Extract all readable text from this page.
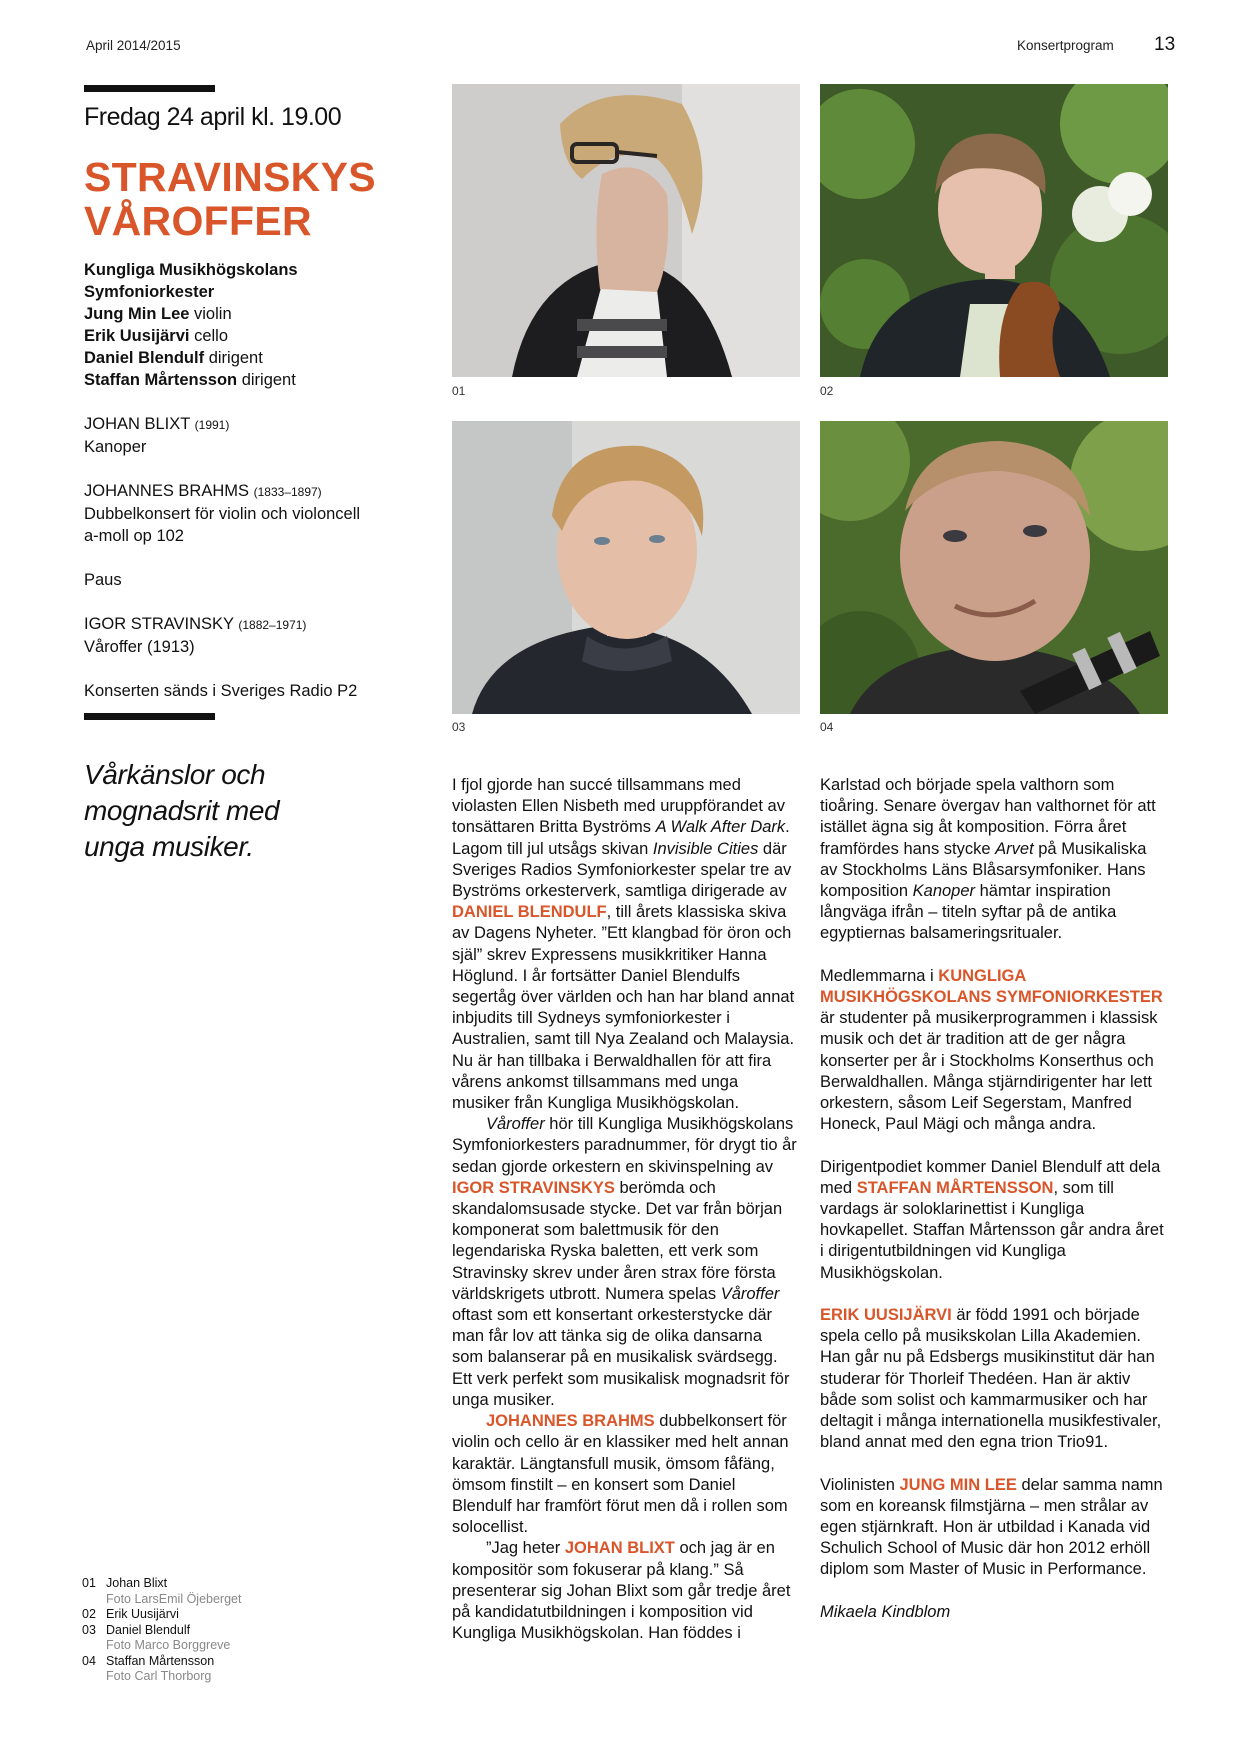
April 2014/2015	Konsertprogram 13
Fredag 24 april kl. 19.00
STRAVINSKYS
VÅROFFER
Kungliga Musikhögskolans Symfoniorkester
Jung Min Lee violin
Erik Uusijärvi cello
Daniel Blendulf dirigent
Staffan Mårtensson dirigent

JOHAN BLIXT (1991)
Kanoper

JOHANNES BRAHMS (1833–1897)
Dubbelkonsert för violin och violoncell
a-moll op 102

Paus

IGOR STRAVINSKY (1882–1971)
Våroffer (1913)

Konserten sänds i Sveriges Radio P2

Vårkänslor och
mognadsrit med
unga musiker.
01 Johan Blixt
Foto LarsEmil Öjeberget
02 Erik Uusijärvi
03 Daniel Blendulf
Foto Marco Borggreve
04 Staffan Mårtensson
Foto Carl Thorborg
01	02
03	04

I fjol gjorde han succé tillsammans med violasten Ellen Nisbeth med uruppförandet av tonsättaren Britta Byströms A Walk After Dark. Lagom till jul utsågs skivan Invisible Cities där Sveriges Radios Symfoniorkester spelar tre av Byströms orkesterverk, samtliga dirigerade av DANIEL BLENDULF, till årets klassiska skiva av Dagens Nyheter. ”Ett klangbad för öron och själ” skrev Expressens musikkritiker Hanna Höglund. I år fortsätter Daniel Blendulfs segertåg över världen och han har bland annat inbjudits till Sydneys symfoniorkester i Australien, samt till Nya Zealand och Malaysia. Nu är han tillbaka i Berwaldhallen för att fira vårens ankomst tillsammans med unga musiker från Kungliga Musikhögskolan.

Våroffer hör till Kungliga Musikhögskolans Symfoniorkesters paradnummer, för drygt tio år sedan gjorde orkestern en skivinspelning av IGOR STRAVINSKYS berömda och skandalomsusade stycke. Det var från början komponerat som balettmusik för den legendariska Ryska baletten, ett verk som Stravinsky skrev under åren strax före första världskrigets utbrott. Numera spelas Våroffer oftast som ett konsertant orkesterstycke där man får lov att tänka sig de olika dansarna som balanserar på en musikalisk svärdsegg. Ett verk perfekt som musikalisk mognadsrit för unga musiker.

JOHANNES BRAHMS dubbelkonsert för violin och cello är en klassiker med helt annan karaktär. Längtansfull musik, ömsom fåfäng, ömsom finstilt – en konsert som Daniel Blendulf har framfört förut men då i rollen som solocellist.

”Jag heter JOHAN BLIXT och jag är en kompositör som fokuserar på klang.” Så presenterar sig Johan Blixt som går tredje året på kandidatutbildningen i komposition vid Kungliga Musikhögskolan. Han föddes i

Karlstad och började spela valthorn som tioåring. Senare övergav han valthornet för att istället ägna sig åt komposition. Förra året framfördes hans stycke Arvet på Musikaliska av Stockholms Läns Blåsarsymfoniker. Hans komposition Kanoper hämtar inspiration långväga ifrån – titeln syftar på de antika egyptiernas balsameringsritualer.

Medlemmarna i KUNGLIGA MUSIKHÖGSKOLANS SYMFONIORKESTER är studenter på musikerprogrammen i klassisk musik och det är tradition att de ger några konserter per år i Stockholms Konserthus och Berwaldhallen. Många stjärndirigenter har lett orkestern, såsom Leif Segerstam, Manfred Honeck, Paul Mägi och många andra.

Dirigentpodiet kommer Daniel Blendulf att dela med STAFFAN MÅRTENSSON, som till vardags är soloklarinettist i Kungliga hovkapellet. Staffan Mårtensson går andra året i dirigentutbildningen vid Kungliga Musikhögskolan.

ERIK UUSIJÄRVI är född 1991 och började spela cello på musikskolan Lilla Akademien. Han går nu på Edsbergs musikinstitut där han studerar för Thorleif Thedéen. Han är aktiv både som solist och kammarmusiker och har deltagit i många internationella musikfestivaler, bland annat med den egna trion Trio91.

Violinisten JUNG MIN LEE delar samma namn som en koreansk filmstjärna – men strålar av egen stjärnkraft. Hon är utbildad i Kanada vid Schulich School of Music där hon 2012 erhöll diplom som Master of Music in Performance.

Mikaela Kindblom
